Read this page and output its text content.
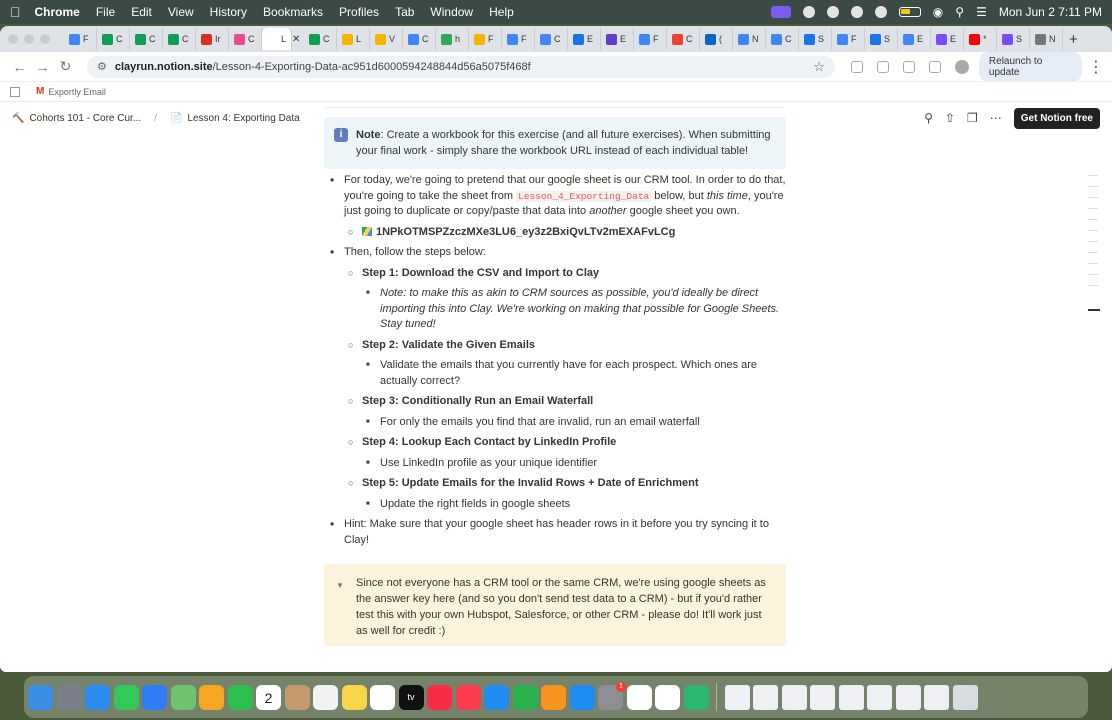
Chrome File Edit View History Bookmarks Profiles Tab Window Help	◉ ⚲ ☰ Mon Jun 2 7:11 PM
F	C	C	C	Ir	C	L ✕	C	L	V	C	h	F	F	C	E	E	F	C	(	N	C	S	F	S	E	E	*	S	N +
← → ↻	⚙ clayrun.notion.site /Lesson-4-Exporting-Data-ac951d6000594248844d56a5075f468f	☆	Relaunch to update	⋮
M Exportly Email
🔨 Cohorts 101 - Core Cur... / 📄 Lesson 4: Exporting Data	⚲ ⇧ ❐ ⋯	Get Notion free
i	Note: Create a workbook for this exercise (and all future exercises). When submitting your final work - simply share the workbook URL instead of each individual table!
• For today, we're going to pretend that our google sheet is our CRM tool. In order to do that, you're going to take the sheet from Lesson_4_Exporting_Data below, but this time, you're just going to duplicate or copy/paste that data into another google sheet you own.
○ 1NPkOTMSPZzczMXe3LU6_ey3z2BxiQvLTv2mEXAFvLCg
• Then, follow the steps below:
○ Step 1: Download the CSV and Import to Clay
■ Note: to make this as akin to CRM sources as possible, you'd ideally be direct importing this into Clay. We're working on making that possible for Google Sheets. Stay tuned!
○ Step 2: Validate the Given Emails
■ Validate the emails that you currently have for each prospect. Which ones are actually correct?
○ Step 3: Conditionally Run an Email Waterfall
■ For only the emails you find that are invalid, run an email waterfall
○ Step 4: Lookup Each Contact by LinkedIn Profile
■ Use LinkedIn profile as your unique identifier
○ Step 5: Update Emails for the Invalid Rows + Date of Enrichment
■ Update the right fields in google sheets
• Hint: Make sure that your google sheet has header rows in it before you try syncing it to Clay!
▼ Since not everyone has a CRM tool or the same CRM, we're using google sheets as the answer key here (and so you don't send test data to a CRM) - but if you'd rather test this with your own Hubspot, Salesforce, or other CRM - please do! It'll work just as well for credit :)
2	tv
1
